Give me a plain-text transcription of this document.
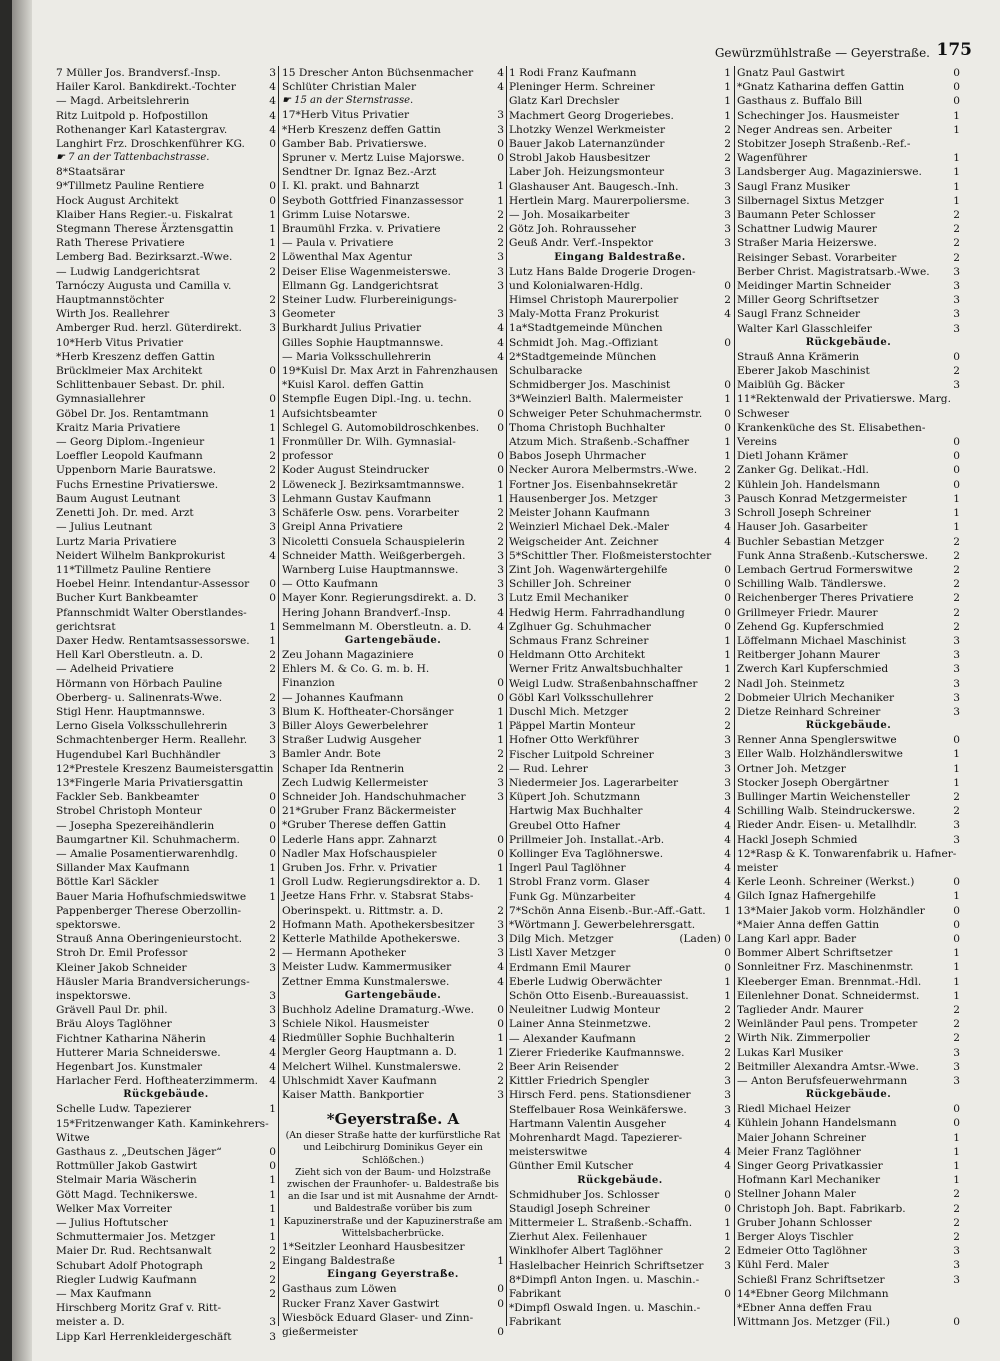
Gewürzmühlstraße — Geyerstraße. 175
7 Müller Jos. Brandversf.-Insp.	3
Hailer Karol. Bankdirekt.-Tochter	4
— Magd. Arbeitslehrerin	4
Ritz Luitpold p. Hofpostillon	4
Rothenanger Karl Katastergrav.	4
Langhirt Frz. Droschkenführer KG.	0
☛ 7 an der Tattenbachstrasse.
8*Staatsärar
9*Tillmetz Pauline Rentiere	0
Hock August Architekt	0
Klaiber Hans Regier.-u. Fiskalrat	1
Stegmann Therese Ärztensgattin	1
Rath Therese Privatiere	1
Lemberg Bad. Bezirksarzt.-Wwe.	2
— Ludwig Landgerichtsrat	2
Tarnóczy Augusta und Camilla v.
Hauptmannstöchter	2
Wirth Jos. Reallehrer	3
Amberger Rud. herzl. Güterdirekt.	3
10*Herb Vitus Privatier
*Herb Kreszenz deffen Gattin
Brücklmeier Max Architekt	0
Schlittenbauer Sebast. Dr. phil.
Gymnasiallehrer	0
Göbel Dr. Jos. Rentamtmann	1
Kraitz Maria Privatiere	1
— Georg Diplom.-Ingenieur	1
Loeffler Leopold Kaufmann	2
Uppenborn Marie Bauratswe.	2
Fuchs Ernestine Privatierswe.	2
Baum August Leutnant	3
Zenetti Joh. Dr. med. Arzt	3
— Julius Leutnant	3
Lurtz Maria Privatiere	3
Neidert Wilhelm Bankprokurist	4
11*Tillmetz Pauline Rentiere
Hoebel Heinr. Intendantur-Assessor	0
Bucher Kurt Bankbeamter	0
Pfannschmidt Walter Oberstlandes-
gerichtsrat	1
Daxer Hedw. Rentamtsassessorswe.	1
Hell Karl Oberstleutn. a. D.	2
— Adelheid Privatiere	2
Hörmann von Hörbach Pauline
Oberberg- u. Salinenrats-Wwe.	2
Stigl Henr. Hauptmannswe.	3
Lerno Gisela Volksschullehrerin	3
Schmachtenberger Herm. Reallehr.	3
Hugendubel Karl Buchhändler	3
12*Prestele Kreszenz Baumeistersgattin
13*Fingerle Maria Privatiersgattin
Fackler Seb. Bankbeamter	0
Strobel Christoph Monteur	0
— Josepha Spezereihändlerin	0
Baumgartner Kil. Schuhmacherm.	0
— Amalie Posamentierwarenhdlg.	0
Sillander Max Kaufmann	1
Böttle Karl Säckler	1
Bauer Maria Hofhufschmiedswitwe	1
Pappenberger Therese Oberzollin-
spektorswe.	2
Strauß Anna Oberingenieurstocht.	2
Stroh Dr. Emil Professor	2
Kleiner Jakob Schneider	3
Häusler Maria Brandversicherungs-
inspektorswe.	3
Grävell Paul Dr. phil.	3
Bräu Aloys Taglöhner	3
Fichtner Katharina Näherin	4
Hutterer Maria Schneiderswe.	4
Hegenbart Jos. Kunstmaler	4
Harlacher Ferd. Hoftheaterzimmerm.	4
Rückgebäude.
Schelle Ludw. Tapezierer	1
15*Fritzenwanger Kath. Kaminkehrers-
Witwe
Gasthaus z. „Deutschen Jäger“	0
Rottmüller Jakob Gastwirt	0
Stelmair Maria Wäscherin	1
Gött Magd. Technikerswe.	1
Welker Max Vorreiter	1
— Julius Hoftutscher	1
Schmuttermaier Jos. Metzger	1
Maier Dr. Rud. Rechtsanwalt	2
Schubart Adolf Photograph	2
Riegler Ludwig Kaufmann	2
— Max Kaufmann	2
Hirschberg Moritz Graf v. Ritt-
meister a. D.	3
Lipp Karl Herrenkleidergeschäft	3
15 Drescher Anton Büchsenmacher	4
Schlüter Christian Maler	4
☛ 15 an der Sternstrasse.
17*Herb Vitus Privatier	3
*Herb Kreszenz deffen Gattin	3
Gamber Bab. Privatierswe.	0
Spruner v. Mertz Luise Majorswe.	0
Sendtner Dr. Ignaz Bez.-Arzt
I. Kl. prakt. und Bahnarzt	1
Seyboth Gottfried Finanzassessor	1
Grimm Luise Notarswe.	2
Braumühl Frzka. v. Privatiere	2
— Paula v. Privatiere	2
Löwenthal Max Agentur	3
Deiser Elise Wagenmeisterswe.	3
Ellmann Gg. Landgerichtsrat	3
Steiner Ludw. Flurbereinigungs-
Geometer	3
Burkhardt Julius Privatier	4
Gilles Sophie Hauptmannswe.	4
— Maria Volksschullehrerin	4
19*Kuisl Dr. Max Arzt in Fahrenzhausen
*Kuisl Karol. deffen Gattin
Stempfle Eugen Dipl.-Ing. u. techn.
Aufsichtsbeamter	0
Schlegel G. Automobildroschkenbes.	0
Fronmüller Dr. Wilh. Gymnasial-
professor	0
Koder August Steindrucker	0
Löweneck J. Bezirksamtmannswe.	1
Lehmann Gustav Kaufmann	1
Schäferle Osw. pens. Vorarbeiter	2
Greipl Anna Privatiere	2
Nicoletti Consuela Schauspielerin	2
Schneider Matth. Weißgerbergeh.	3
Warnberg Luise Hauptmannswe.	3
— Otto Kaufmann	3
Mayer Konr. Regierungsdirekt. a. D.	3
Hering Johann Brandverf.-Insp.	4
Semmelmann M. Oberstleutn. a. D.	4
Gartengebäude.
Zeu Johann Magaziniere	0
Ehlers M. & Co. G. m. b. H.
Finanzion	0
— Johannes Kaufmann	0
Blum K. Hoftheater-Chorsänger	1
Biller Aloys Gewerbelehrer	1
Straßer Ludwig Ausgeher	1
Bamler Andr. Bote	2
Schaper Ida Rentnerin	2
Zech Ludwig Kellermeister	3
Schneider Joh. Handschuhmacher	3
21*Gruber Franz Bäckermeister
*Gruber Therese deffen Gattin
Lederle Hans appr. Zahnarzt	0
Nadler Max Hofschauspieler	0
Gruben Jos. Frhr. v. Privatier	1
Groll Ludw. Regierungsdirektor a. D.	1
Jeetze Hans Frhr. v. Stabsrat Stabs-
Oberinspekt. u. Rittmstr. a. D.	2
Hofmann Math. Apothekersbesitzer	3
Ketterle Mathilde Apothekerswe.	3
— Hermann Apotheker	3
Meister Ludw. Kammermusiker	4
Zettner Emma Kunstmalerswe.	4
Gartengebäude.
Buchholz Adeline Dramaturg.-Wwe.	0
Schiele Nikol. Hausmeister	0
Riedmüller Sophie Buchhalterin	1
Mergler Georg Hauptmann a. D.	1
Melchert Wilhel. Kunstmalerswe.	2
Uhlschmidt Xaver Kaufmann	2
Kaiser Matth. Bankportier	3
*Geyerstraße. A
(An dieser Straße hatte der kurfürstliche Rat und Leibchirurg Dominikus Geyer ein Schlößchen.)
Zieht sich von der Baum- und Holzstraße zwischen der Fraunhofer- u. Baldestraße bis an die Isar und ist mit Ausnahme der Arndt- und Baldestraße vorüber bis zum Kapuzinerstraße und der Kapuzinerstraße am Wittelsbacherbrücke.
1*Seitzler Leonhard Hausbesitzer
Eingang Baldestraße	1
Eingang Geyerstraße.
Gasthaus zum Löwen	0
Rucker Franz Xaver Gastwirt	0
Wiesböck Eduard Glaser- und Zinn-
gießermeister	0
1 Rodi Franz Kaufmann	1
Pleninger Herm. Schreiner	1
Glatz Karl Drechsler	1
Machmert Georg Drogeriebes.	1
Lhotzky Wenzel Werkmeister	2
Bauer Jakob Laternanzünder	2
Strobl Jakob Hausbesitzer	2
Laber Joh. Heizungsmonteur	3
Glashauser Ant. Baugesch.-Inh.	3
Hertlein Marg. Maurerpoliersme.	3
— Joh. Mosaikarbeiter	3
Götz Joh. Rohrausseher	3
Geuß Andr. Verf.-Inspektor	3
Eingang Baldestraße.
Lutz Hans Balde Drogerie Drogen-
und Kolonialwaren-Hdlg.	0
Himsel Christoph Maurerpolier	2
Maly-Motta Franz Prokurist	4
1a*Stadtgemeinde München
Schmidt Joh. Mag.-Offiziant	0
2*Stadtgemeinde München
Schulbaracke
Schmidberger Jos. Maschinist	0
3*Weinzierl Balth. Malermeister	1
Schweiger Peter Schuhmachermstr.	0
Thoma Christoph Buchhalter	0
Atzum Mich. Straßenb.-Schaffner	1
Babos Joseph Uhrmacher	1
Necker Aurora Melbermstrs.-Wwe.	2
Fortner Jos. Eisenbahnsekretär	2
Hausenberger Jos. Metzger	3
Meister Johann Kaufmann	3
Weinzierl Michael Dek.-Maler	4
Weigscheider Ant. Zeichner	4
5*Schittler Ther. Floßmeisterstochter
Zint Joh. Wagenwärtergehilfe	0
Schiller Joh. Schreiner	0
Lutz Emil Mechaniker	0
Hedwig Herm. Fahrradhandlung	0
Zglhuer Gg. Schuhmacher	0
Schmaus Franz Schreiner	1
Heldmann Otto Architekt	1
Werner Fritz Anwaltsbuchhalter	1
Weigl Ludw. Straßenbahnschaffner	2
Göbl Karl Volksschullehrer	2
Duschl Mich. Metzger	2
Päppel Martin Monteur	2
Hofner Otto Werkführer	3
Fischer Luitpold Schreiner	3
— Rud. Lehrer	3
Niedermeier Jos. Lagerarbeiter	3
Küpert Joh. Schutzmann	3
Hartwig Max Buchhalter	4
Greubel Otto Hafner	4
Prillmeier Joh. Installat.-Arb.	4
Kollinger Eva Taglöhnerswe.	4
Ingerl Paul Taglöhner	4
Strobl Franz vorm. Glaser	4
Funk Gg. Münzarbeiter	4
7*Schön Anna Eisenb.-Bur.-Aff.-Gatt.	1
*Wörtmann J. Gewerbelehrersgatt.
Dilg Mich. Metzger	(Laden) 0
Listl Xaver Metzger	0
Erdmann Emil Maurer	0
Eberle Ludwig Oberwächter	1
Schön Otto Eisenb.-Bureauassist.	1
Neuleitner Ludwig Monteur	2
Lainer Anna Steinmetzwe.	2
— Alexander Kaufmann	2
Zierer Friederike Kaufmannswe.	2
Beer Arin Reisender	2
Kittler Friedrich Spengler	3
Hirsch Ferd. pens. Stationsdiener	3
Steffelbauer Rosa Weinkäferswe.	3
Hartmann Valentin Ausgeher	4
Mohrenhardt Magd. Tapezierer-
meisterswitwe	4
Günther Emil Kutscher	4
Rückgebäude.
Schmidhuber Jos. Schlosser	0
Staudigl Joseph Schreiner	0
Mittermeier L. Straßenb.-Schaffn.	1
Zierhut Alex. Feilenhauer	1
Winklhofer Albert Taglöhner	2
Haslelbacher Heinrich Schriftsetzer	3
8*Dimpfl Anton Ingen. u. Maschin.-
Fabrikant	0
*Dimpfl Oswald Ingen. u. Maschin.-
Fabrikant
Gnatz Paul Gastwirt	0
*Gnatz Katharina deffen Gattin	0
Gasthaus z. Buffalo Bill	0
Schechinger Jos. Hausmeister	1
Neger Andreas sen. Arbeiter	1
Stobitzer Joseph Straßenb.-Ref.-
Wagenführer	1
Landsberger Aug. Magazinierswe.	1
Saugl Franz Musiker	1
Silbernagel Sixtus Metzger	1
Baumann Peter Schlosser	2
Schattner Ludwig Maurer	2
Straßer Maria Heizerswe.	2
Reisinger Sebast. Vorarbeiter	2
Berber Christ. Magistratsarb.-Wwe.	3
Meidinger Martin Schneider	3
Miller Georg Schriftsetzer	3
Saugl Franz Schneider	3
Walter Karl Glasschleifer	3
Rückgebäude.
Strauß Anna Krämerin	0
Eberer Jakob Maschinist	2
Maiblüh Gg. Bäcker	3
11*Rektenwald der Privatierswe. Marg.
Schweser
Krankenküche des St. Elisabethen-
Vereins	0
Dietl Johann Krämer	0
Zanker Gg. Delikat.-Hdl.	0
Kühlein Joh. Handelsmann	0
Pausch Konrad Metzgermeister	1
Schroll Joseph Schreiner	1
Hauser Joh. Gasarbeiter	1
Buchler Sebastian Metzger	2
Funk Anna Straßenb.-Kutscherswe.	2
Lembach Gertrud Formerswitwe	2
Schilling Walb. Tändlerswe.	2
Reichenberger Theres Privatiere	2
Grillmeyer Friedr. Maurer	2
Zehend Gg. Kupferschmied	2
Löffelmann Michael Maschinist	3
Reitberger Johann Maurer	3
Zwerch Karl Kupferschmied	3
Nadl Joh. Steinmetz	3
Dobmeier Ulrich Mechaniker	3
Dietze Reinhard Schreiner	3
Rückgebäude.
Renner Anna Spenglerswitwe	0
Eller Walb. Holzhändlerswitwe	1
Ortner Joh. Metzger	1
Stocker Joseph Obergärtner	1
Bullinger Martin Weichensteller	2
Schilling Walb. Steindruckerswe.	2
Rieder Andr. Eisen- u. Metallhdlr.	3
Hackl Joseph Schmied	3
12*Rasp & K. Tonwarenfabrik u. Hafner-
meister
Kerle Leonh. Schreiner (Werkst.)	0
Gilch Ignaz Hafnergehilfe	1
13*Maier Jakob vorm. Holzhändler	0
*Maier Anna deffen Gattin	0
Lang Karl appr. Bader	0
Bommer Albert Schriftsetzer	1
Sonnleitner Frz. Maschinenmstr.	1
Kleeberger Eman. Brennmat.-Hdl.	1
Eilenlehner Donat. Schneidermst.	1
Taglieder Andr. Maurer	2
Weinländer Paul pens. Trompeter	2
Wirth Nik. Zimmerpolier	2
Lukas Karl Musiker	3
Beitmiller Alexandra Amtsr.-Wwe.	3
— Anton Berufsfeuerwehrmann	3
Rückgebäude.
Riedl Michael Heizer	0
Kühlein Johann Handelsmann	0
Maier Johann Schreiner	1
Meier Franz Taglöhner	1
Singer Georg Privatkassier	1
Hofmann Karl Mechaniker	1
Stellner Johann Maler	2
Christoph Joh. Bapt. Fabrikarb.	2
Gruber Johann Schlosser	2
Berger Aloys Tischler	2
Edmeier Otto Taglöhner	3
Kühl Ferd. Maler	3
Schießl Franz Schriftsetzer	3
14*Ebner Georg Milchmann
*Ebner Anna deffen Frau
Wittmann Jos. Metzger (Fil.)	0
